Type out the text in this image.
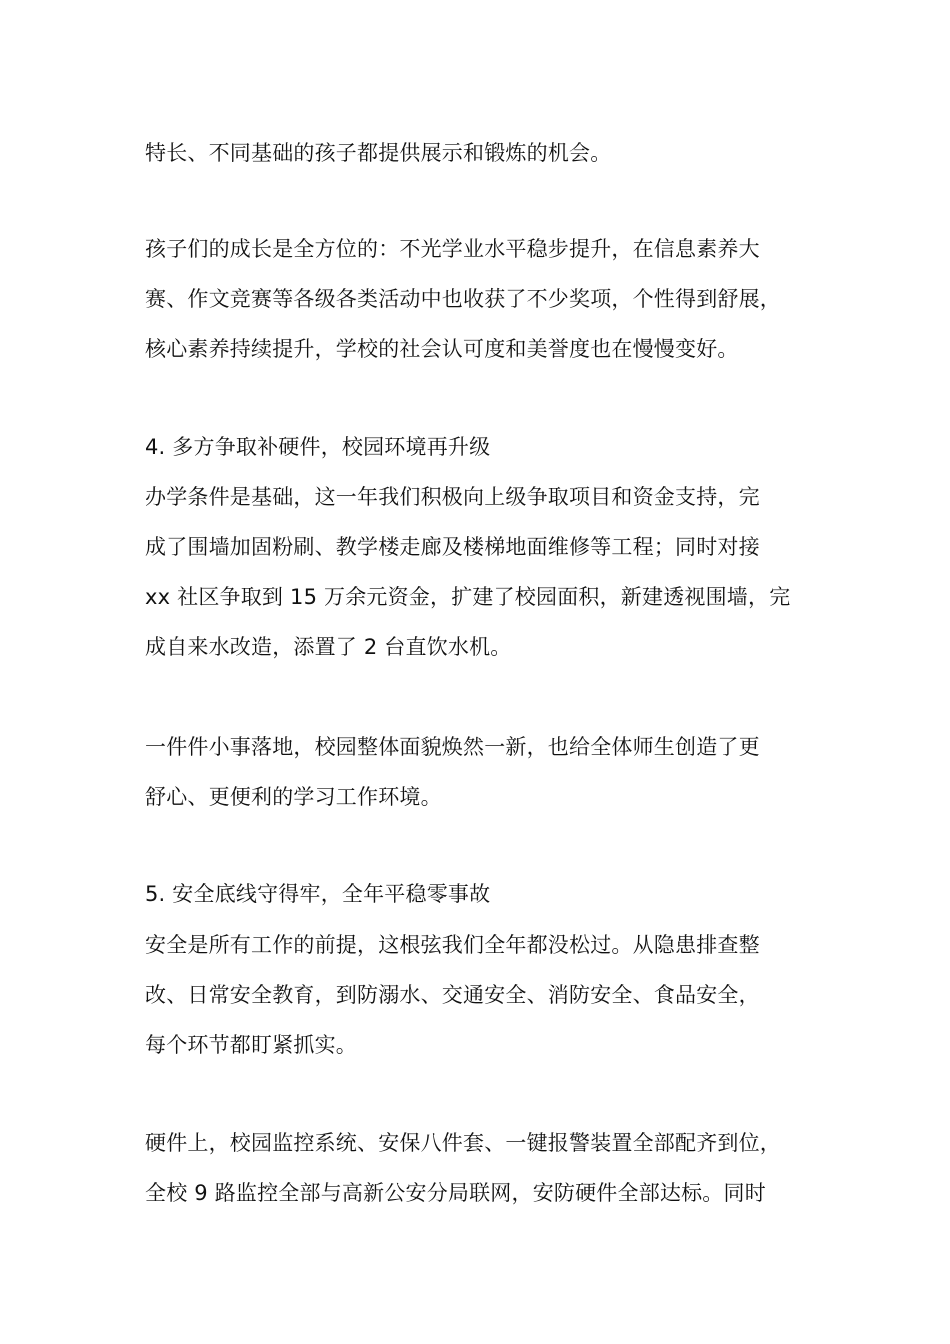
特长、不同基础的孩子都提供展示和锻炼的机会。
孩子们的成长是全方位的：不光学业水平稳步提升，在信息素养大
赛、作文竞赛等各级各类活动中也收获了不少奖项，个性得到舒展，
核心素养持续提升，学校的社会认可度和美誉度也在慢慢变好。
4. 多方争取补硬件，校园环境再升级
办学条件是基础，这一年我们积极向上级争取项目和资金支持，完
成了围墙加固粉刷、教学楼走廊及楼梯地面维修等工程；同时对接
xx 社区争取到 15 万余元资金，扩建了校园面积，新建透视围墙，完
成自来水改造，添置了 2 台直饮水机。
一件件小事落地，校园整体面貌焕然一新，也给全体师生创造了更
舒心、更便利的学习工作环境。
5. 安全底线守得牢，全年平稳零事故
安全是所有工作的前提，这根弦我们全年都没松过。从隐患排查整
改、日常安全教育，到防溺水、交通安全、消防安全、食品安全，
每个环节都盯紧抓实。
硬件上，校园监控系统、安保八件套、一键报警装置全部配齐到位，
全校 9 路监控全部与高新公安分局联网，安防硬件全部达标。同时
